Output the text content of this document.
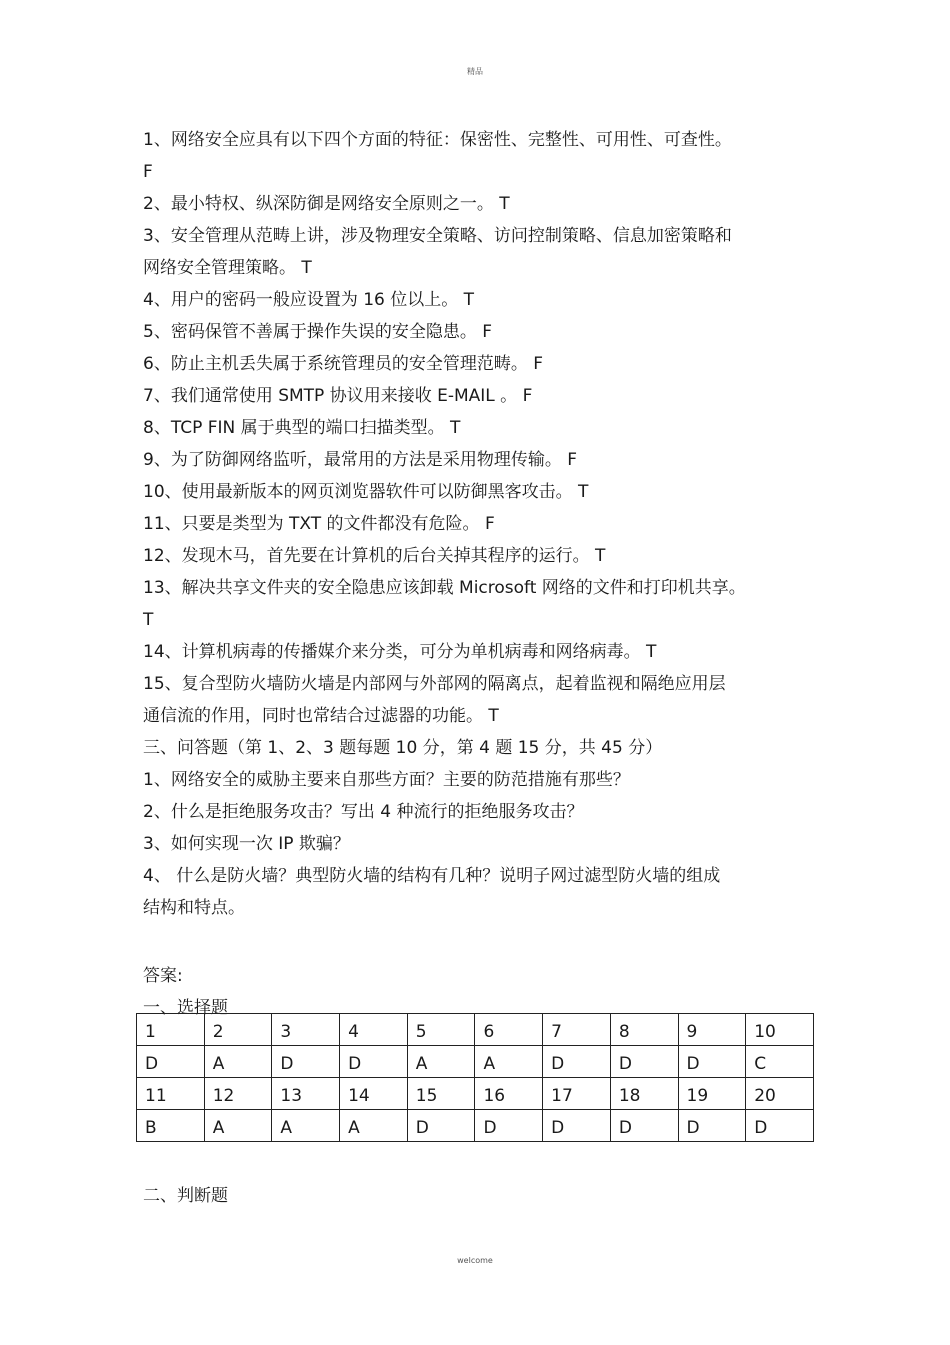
精品
1、网络安全应具有以下四个方面的特征：保密性、完整性、可用性、可查性。
F
2、最小特权、纵深防御是网络安全原则之一。 T
3、安全管理从范畴上讲，涉及物理安全策略、访问控制策略、信息加密策略和
网络安全管理策略。 T
4、用户的密码一般应设置为 16 位以上。 T
5、密码保管不善属于操作失误的安全隐患。 F
6、防止主机丢失属于系统管理员的安全管理范畴。 F
7、我们通常使用 SMTP 协议用来接收 E-MAIL 。 F
8、TCP FIN 属于典型的端口扫描类型。 T
9、为了防御网络监听，最常用的方法是采用物理传输。 F
10、使用最新版本的网页浏览器软件可以防御黑客攻击。 T
11、只要是类型为 TXT 的文件都没有危险。 F
12、发现木马，首先要在计算机的后台关掉其程序的运行。 T
13、解决共享文件夹的安全隐患应该卸载 Microsoft 网络的文件和打印机共享。
T
14、计算机病毒的传播媒介来分类，可分为单机病毒和网络病毒。 T
15、复合型防火墙防火墙是内部网与外部网的隔离点，起着监视和隔绝应用层
通信流的作用，同时也常结合过滤器的功能。 T
三、问答题（第 1、2、3 题每题 10 分，第 4 题 15 分，共 45 分）
1、网络安全的威胁主要来自那些方面？主要的防范措施有那些？
2、什么是拒绝服务攻击？写出 4 种流行的拒绝服务攻击？
3、如何实现一次 IP 欺骗？
4、 什么是防火墙？典型防火墙的结构有几种？说明子网过滤型防火墙的组成
结构和特点。
答案:
一、选择题
1	2	3	4	5	6	7	8	9	10
D	A	D	D	A	A	D	D	D	C
11	12	13	14	15	16	17	18	19	20
B	A	A	A	D	D	D	D	D	D
二、判断题
welcome
